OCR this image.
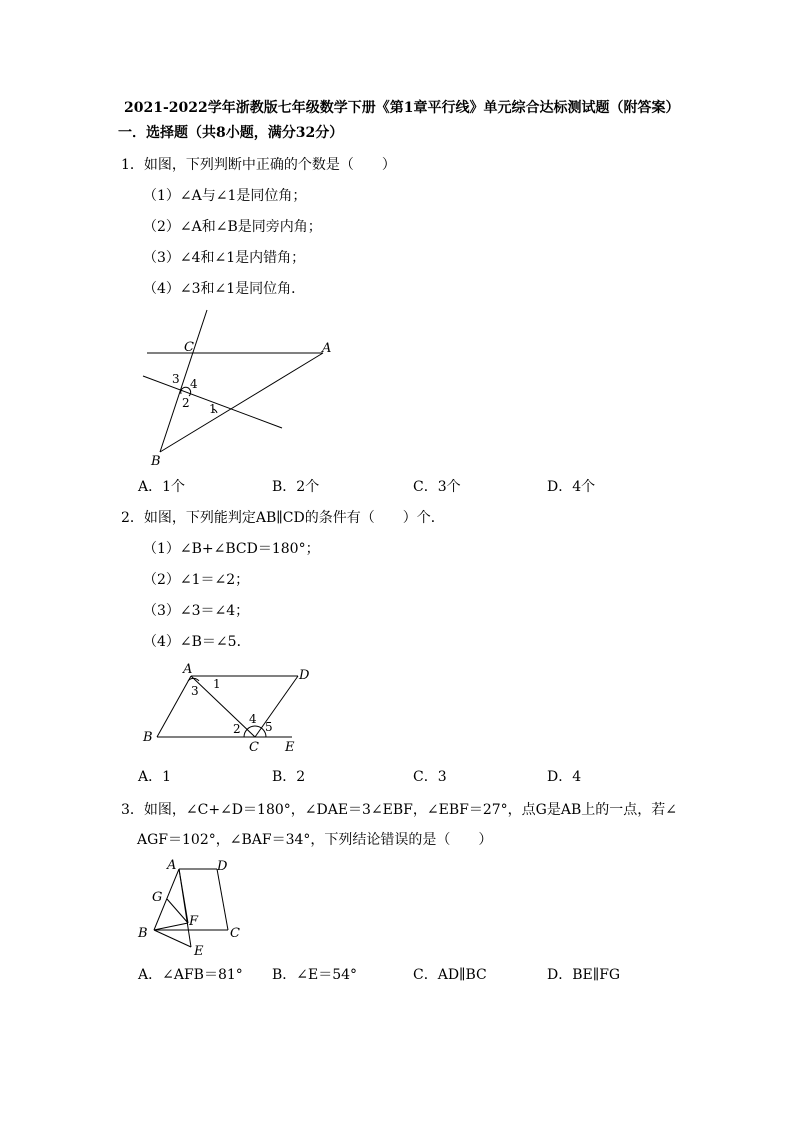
2021-2022学年浙教版七年级数学下册《第1章平行线》单元综合达标测试题（附答案）
一．选择题（共8小题，满分32分）
1．如图，下列判断中正确的个数是（　　）
（1）∠A与∠1是同位角；
（2）∠A和∠B是同旁内角；
（3）∠4和∠1是内错角；
（4）∠3和∠1是同位角．
C	A
B
3 4
2 1
A．1个	B．2个	C．3个	D．4个
2．如图，下列能判定AB∥CD的条件有（　　）个．
（1）∠B+∠BCD＝180°；
（2）∠1＝∠2；
（3）∠3＝∠4；
（4）∠B＝∠5．
A	D
B
C E
1
3
2
4
5
A．1	B．2	C．3	D．4
3．如图，∠C+∠D＝180°，∠DAE＝3∠EBF，∠EBF＝27°，点G是AB上的一点，若∠
AGF＝102°，∠BAF＝34°，下列结论错误的是（　　）
A	D
G
F
B	C
E
A．∠AFB＝81° B．∠E＝54°	C．AD∥BC	D．BE∥FG
